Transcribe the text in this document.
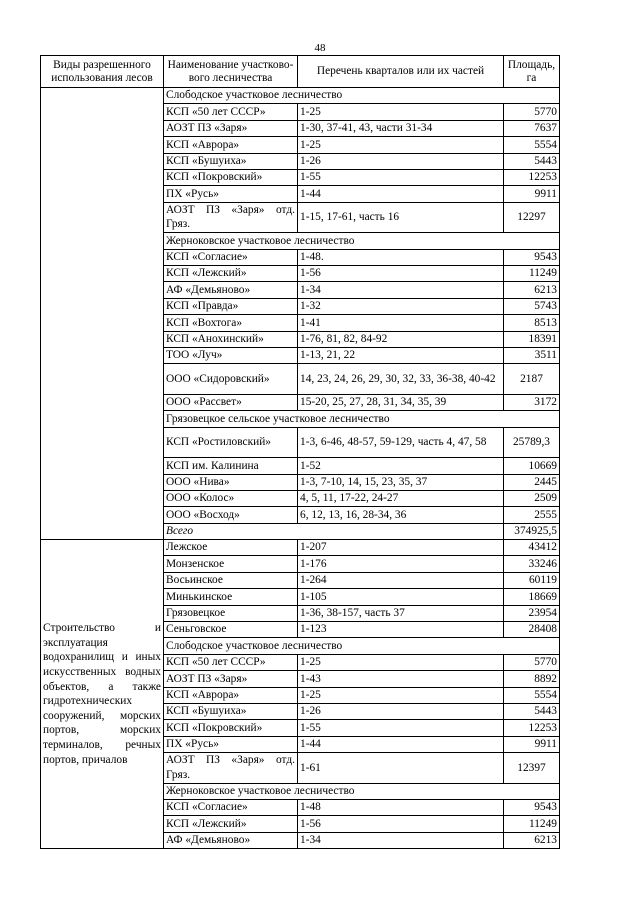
48
Виды разрешенного использования лесов	Наименование участково-вого лесничества	Перечень кварталов или их частей	Площадь, га
	Слободское участковое лесничество		
	КСП «50 лет СССР»	1-25	5770
	АОЗТ ПЗ «Заря»	1-30, 37-41, 43, части 31-34	7637
	КСП «Аврора»	1-25	5554
	КСП «Бушуиха»	1-26	5443
	КСП «Покровский»	1-55	12253
	ПХ «Русь»	1-44	9911
	АОЗТ ПЗ «Заря» отд. Гряз.	1-15, 17-61, часть 16	12297
	Жерноковское участковое лесничество		
	КСП «Согласие»	1-48.	9543
	КСП «Лежский»	1-56	11249
	АФ «Демьяново»	1-34	6213
	КСП «Правда»	1-32	5743
	КСП «Вохтога»	1-41	8513
	КСП «Анохинский»	1-76, 81, 82, 84-92	18391
	ТОО «Луч»	1-13, 21, 22	3511
	ООО «Сидоровский»	14, 23, 24, 26, 29, 30, 32, 33, 36-38, 40-42	2187
	ООО «Рассвет»	15-20, 25, 27, 28, 31, 34, 35, 39	3172
	Грязовецкое сельское участковое лесничество		
	КСП «Ростиловский»	1-3, 6-46, 48-57, 59-129, часть 4, 47, 58	25789,3
	КСП им. Калинина	1-52	10669
	ООО «Нива»	1-3, 7-10, 14, 15, 23, 35, 37	2445
	ООО «Колос»	4, 5, 11, 17-22, 24-27	2509
	ООО «Восход»	6, 12, 13, 16, 28-34, 36	2555
	Всего		374925,5
Строительство и эксплуатация водохранилищ и иных искусственных водных объектов, а также гидротехнических сооружений, морских портов, морских терминалов, речных портов, причалов	Лежское	1-207	43412
	Монзенское	1-176	33246
	Восьинское	1-264	60119
	Минькинское	1-105	18669
	Грязовецкое	1-36, 38-157, часть 37	23954
	Сеньговское	1-123	28408
	Слободское участковое лесничество		
	КСП «50 лет СССР»	1-25	5770
	АОЗТ ПЗ «Заря»	1-43	8892
	КСП «Аврора»	1-25	5554
	КСП «Бушуиха»	1-26	5443
	КСП «Покровский»	1-55	12253
	ПХ «Русь»	1-44	9911
	АОЗТ ПЗ «Заря» отд. Гряз.	1-61	12397
	Жерноковское участковое лесничество		
	КСП «Согласие»	1-48	9543
	КСП «Лежский»	1-56	11249
	АФ «Демьяново»	1-34	6213
